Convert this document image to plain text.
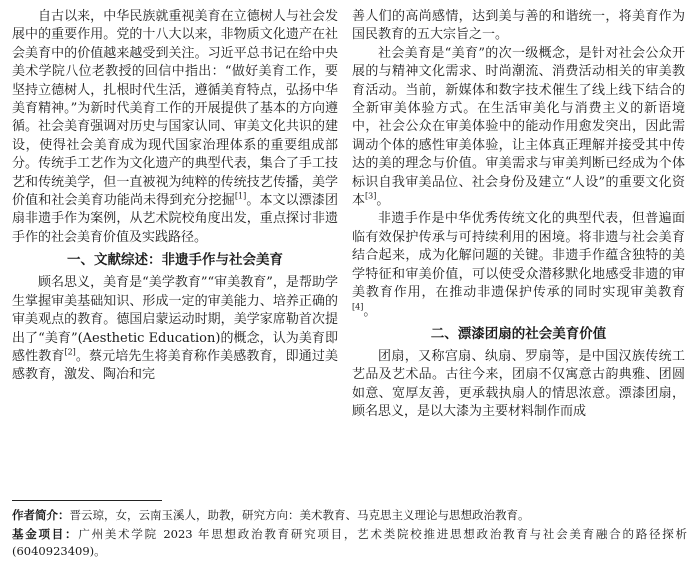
自古以来，中华民族就重视美育在立德树人与社会发展中的重要作用。党的十八大以来，非物质文化遗产在社会美育中的价值越来越受到关注。习近平总书记在给中央美术学院八位老教授的回信中指出：“做好美育工作，要坚持立德树人，扎根时代生活，遵循美育特点，弘扬中华美育精神。”为新时代美育工作的开展提供了基本的方向遵循。社会美育强调对历史与国家认同、审美文化共识的建设，使得社会美育成为现代国家治理体系的重要组成部分。传统手工艺作为文化遗产的典型代表，集合了手工技艺和传统美学，但一直被视为纯粹的传统技艺传播，美学价值和社会美育功能尚未得到充分挖掘[1]。本文以漂漆团扇非遗手作为案例，从艺术院校角度出发，重点探讨非遗手作的社会美育价值及实践路径。

一、文献综述：非遗手作与社会美育

顾名思义，美育是“美学教育”“审美教育”，是帮助学生掌握审美基础知识、形成一定的审美能力、培养正确的审美观点的教育。德国启蒙运动时期，美学家席勒首次提出了“美育”(Aesthetic Education)的概念，认为美育即感性教育[2]。蔡元培先生将美育称作美感教育，即通过美感教育，激发、陶冶和完

善人们的高尚感情，达到美与善的和谐统一，将美育作为国民教育的五大宗旨之一。

社会美育是“美育”的次一级概念，是针对社会公众开展的与精神文化需求、时尚潮流、消费活动相关的审美教育活动。当前，新媒体和数字技术催生了线上线下结合的全新审美体验方式。在生活审美化与消费主义的新语境中，社会公众在审美体验中的能动作用愈发突出，因此需调动个体的感性审美体验，让主体真正理解并接受其中传达的美的理念与价值。审美需求与审美判断已经成为个体标识自我审美品位、社会身份及建立“人设”的重要文化资本[3]。

非遗手作是中华优秀传统文化的典型代表，但普遍面临有效保护传承与可持续利用的困境。将非遗与社会美育结合起来，成为化解问题的关键。非遗手作蕴含独特的美学特征和审美价值，可以使受众潜移默化地感受非遗的审美教育作用，在推动非遗保护传承的同时实现审美教育[4]。

二、漂漆团扇的社会美育价值

团扇，又称宫扇、纨扇、罗扇等，是中国汉族传统工艺品及艺术品。古往今来，团扇不仅寓意古韵典雅、团圆如意、宽厚友善，更承载执扇人的情思浓意。漂漆团扇，顾名思义，是以大漆为主要材料制作而成

作者简介：晋云琼，女，云南玉溪人，助教，研究方向：美术教育、马克思主义理论与思想政治教育。

基金项目：广州美术学院 2023 年思想政治教育研究项目，艺术类院校推进思想政治教育与社会美育融合的路径探析(6040923409)。
